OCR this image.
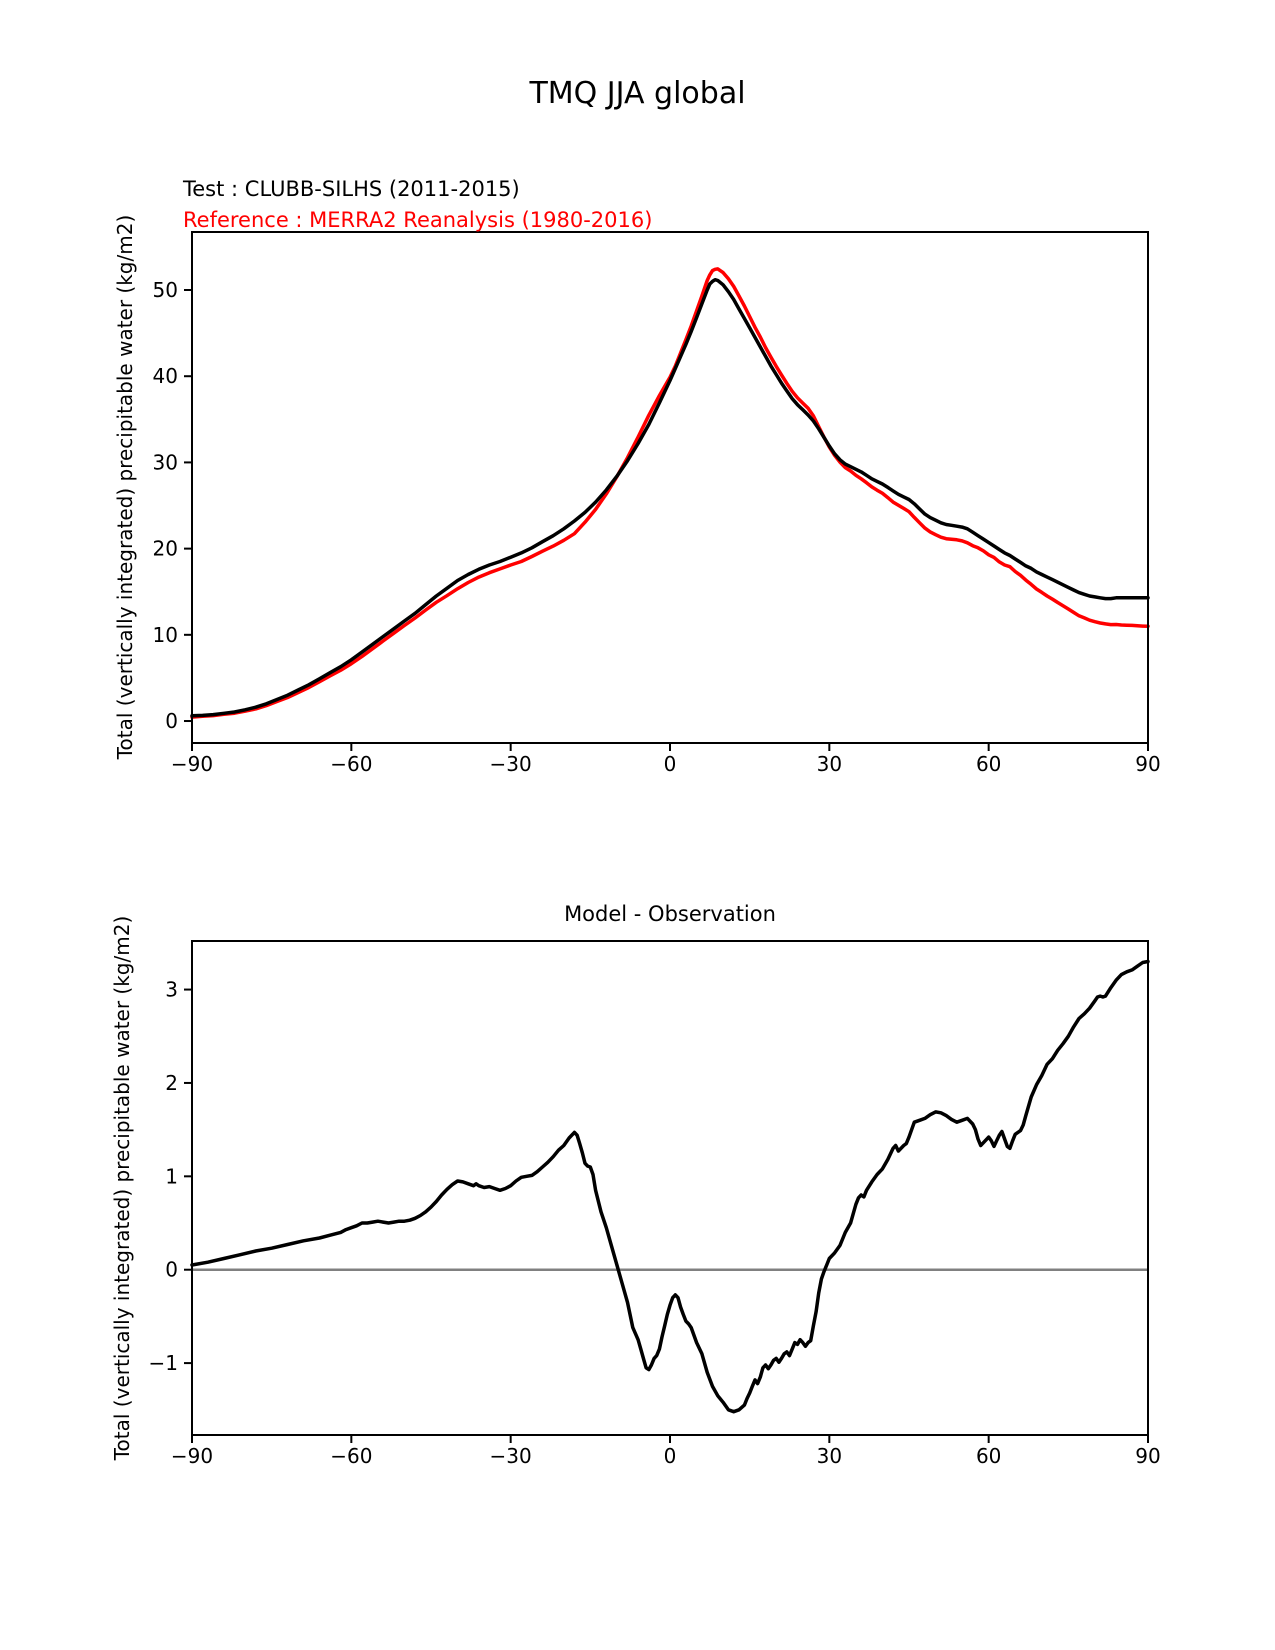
−90	−60	−30	0	30	60	90
0
10
20
30
40
50
−90	−60	−30	0	30	60	90
−1
0
1
2
3
TMQ JJA global
Test : CLUBB-SILHS (2011-2015)
Reference : MERRA2 Reanalysis (1980-2016)
Total (vertically integrated) precipitable water (kg/m2)
Model - Observation
Total (vertically integrated) precipitable water (kg/m2)
